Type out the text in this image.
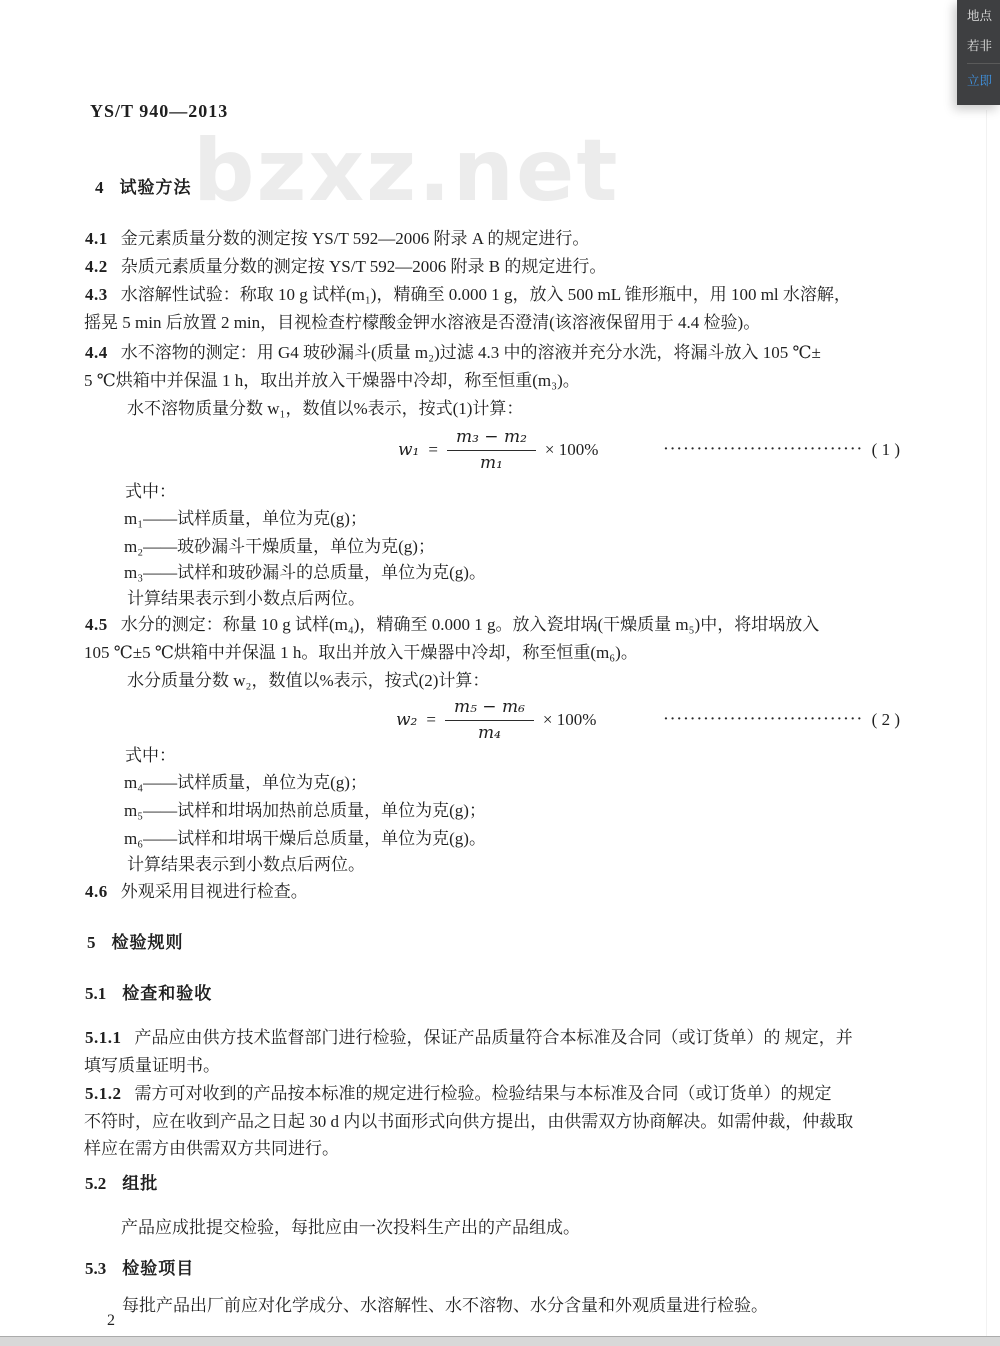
bzxz.net
YS/T 940—2013
4 试验方法
4.1 金元素质量分数的测定按 YS/T 592—2006 附录 A 的规定进行。
4.2 杂质元素质量分数的测定按 YS/T 592—2006 附录 B 的规定进行。
4.3 水溶解性试验：称取 10 g 试样(m₁)，精确至 0.000 1 g，放入 500 mL 锥形瓶中，用 100 ml 水溶解，
摇晃 5 min 后放置 2 min，目视检查柠檬酸金钾水溶液是否澄清(该溶液保留用于 4.4 检验)。
4.4 水不溶物的测定：用 G4 玻砂漏斗(质量 m₂)过滤 4.3 中的溶液并充分水洗，将漏斗放入 105 ℃±
5 ℃烘箱中并保温 1 h，取出并放入干燥器中冷却，称至恒重(m₃)。
水不溶物质量分数 w₁，数值以%表示，按式(1)计算：
$w_1 = \frac{\text{m₃ − m₂}}{\text{m₁}} \times 100\%$	······························ ( 1 )
式中：
m₁——试样质量，单位为克(g)；
m₂——玻砂漏斗干燥质量，单位为克(g)；
m₃——试样和玻砂漏斗的总质量，单位为克(g)。
计算结果表示到小数点后两位。
4.5 水分的测定：称量 10 g 试样(m₄)，精确至 0.000 1 g。放入瓷坩埚(干燥质量 m₅)中，将坩埚放入
105 ℃±5 ℃烘箱中并保温 1 h。取出并放入干燥器中冷却，称至恒重(m₆)。
水分质量分数 w₂，数值以%表示，按式(2)计算：
$w_2 = \frac{\text{m₅ − m₆}}{\text{m₄}} \times 100\%$	······························ ( 2 )
式中：
m₄——试样质量，单位为克(g)；
m₅——试样和坩埚加热前总质量，单位为克(g)；
m₆——试样和坩埚干燥后总质量，单位为克(g)。
计算结果表示到小数点后两位。
4.6 外观采用目视进行检查。
5 检验规则
5.1 检查和验收
5.1.1 产品应由供方技术监督部门进行检验，保证产品质量符合本标准及合同（或订货单）的 规定，并
填写质量证明书。
5.1.2 需方可对收到的产品按本标准的规定进行检验。检验结果与本标准及合同（或订货单）的规定
不符时，应在收到产品之日起 30 d 内以书面形式向供方提出，由供需双方协商解决。如需仲裁，仲裁取
样应在需方由供需双方共同进行。
5.2 组批
产品应成批提交检验，每批应由一次投料生产出的产品组成。
5.3 检验项目
每批产品出厂前应对化学成分、水溶解性、水不溶物、水分含量和外观质量进行检验。
2
地点
若非
立即
